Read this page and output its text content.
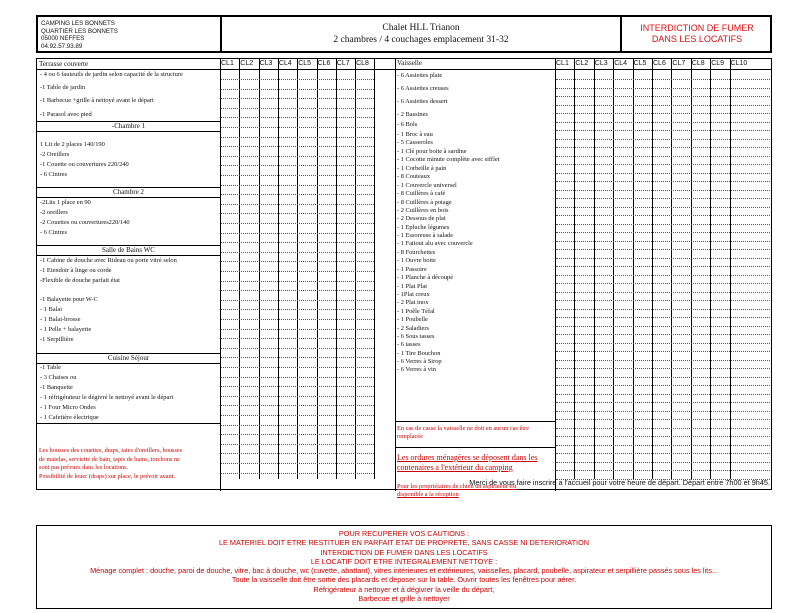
CAMPING LES BONNETS
QUARTIER LES BONNETS
05000 NEFFES
04.92.57.93.89
Chalet HLL Trianon
2 chambres / 4 couchages emplacement 31-32
INTERDICTION DE FUMER
DANS LES LOCATIFS
CL1 CL2 CL3 CL4 CL5 CL6 CL7 CL8	CL1 CL2 CL3 CL4 CL5 CL6 CL7 CL8 CL9 CL10
Terrasse couverte
-Chambre 1
Chambre 2
Salle de Bains WC
Cuisine Séjour
- 4 ou 6 fauteuils de jardin selon capacité de la structure
-1 Table de jardin
-1 Barbecue +grille à nettoyé avant le départ
-1 Parasol avec pied
1 Lit de 2 places 140/190
-2 Oreillers
-1 Couette ou couvertures 220/240
- 6 Cintres
-2Lits 1 place en 90
-2 oreillers
-2 Couettes ou couvertures220/140
- 6 Cintres
-1 Cabine de douche avec Rideau ou porte vitré selon
-1 Etendoir à linge ou corde
-Flexible de douche parfait état
-1 Balayette pour W-C
- 1 Balai
- 1 Balai-brosse
- 1 Pelle + balayette
-1 Serpillière
-1 Table
- 3 Chaises ou
-1 Banquette
- 1 réfrigérateur le dégivré le nettoyé avant le départ
- 1 Four Micro Ondes
- 1 Cafetière électrique
Les housses des couettes, draps, taies d'oreillers, housses
de matelas, serviette de bain, tapis de bains, torchons ne
sont pas prévues dans les locations.
Possibilité de louer (draps) sur place, le prévoir avant.
Vaisselle
- 6 Assiettes plate
- 6 Assiettes creuses
- 6 Assiettes dessert
- 2 Bassines
- 6 Bols
- 1 Broc à eau
- 5 Casseroles
- 1 Clé pour boite à sardine
- 1 Cocotte minute complète avec sifflet
- 1 Corbeille à pain
- 8 Couteaux
- 1 Couvercle universel
- 8 Cuillères à café
- 8 Cuillères à potage
- 2 Cuillères en bois
- 2 Dessous de plat
- 1 Epluche légumes
- 1 Essoreuse à salade
- 1 Faitout alu avec couvercle
- 8 Fourchettes
- 1 Ouvre boite
- 1 Passoire
- 1 Planche à découpé
- 1 Plat Plat
- 1Plat creux
- 2 Plat inox
- 1 Poêle Téfal
- 1 Poubelle
- 2 Saladiers
- 6 Sous tasses
- 6 tasses
- 1 Tire Bouchon
- 6 Verres à Sirop
- 6 Verres à vin
En cas de casse la vaisselle ne doit en aucun cas être
remplacée
Les ordures ménagères se déposent dans les
contenaires a l'extérieur du camping
Pour les propriétaires de chien un aspirateur est
disponible a la réception
Merci de vous faire inscrire a l'accueil pour votre heure de départ. Départ entre 7h00 et 9h45.
POUR RECUPERER VOS CAUTIONS :
LE MATERIEL DOIT ETRE RESTITUER EN PARFAIT ETAT DE PROPRETE, SANS CASSE NI DETERIORATION
INTERDICTION DE FUMER DANS LES LOCATIFS
LE LOCATIF DOIT ETRE INTEGRALEMENT NETTOYE :
Ménage complet : douche, paroi de douche, vitre, bac à douche, wc (cuvette, abattant), vitres intérieures et extérieures, vaisselles, placard, poubelle, aspirateur et serpillière passés sous les lits...
Toute la vaisselle doit être sortie des placards et deposer sur la table. Ouvrir toutes les fenêtres pour aérer.
Réfrigérateur à nettoyer et à dégivrer la veille du départ,
Barbecue et grille à nettoyer
